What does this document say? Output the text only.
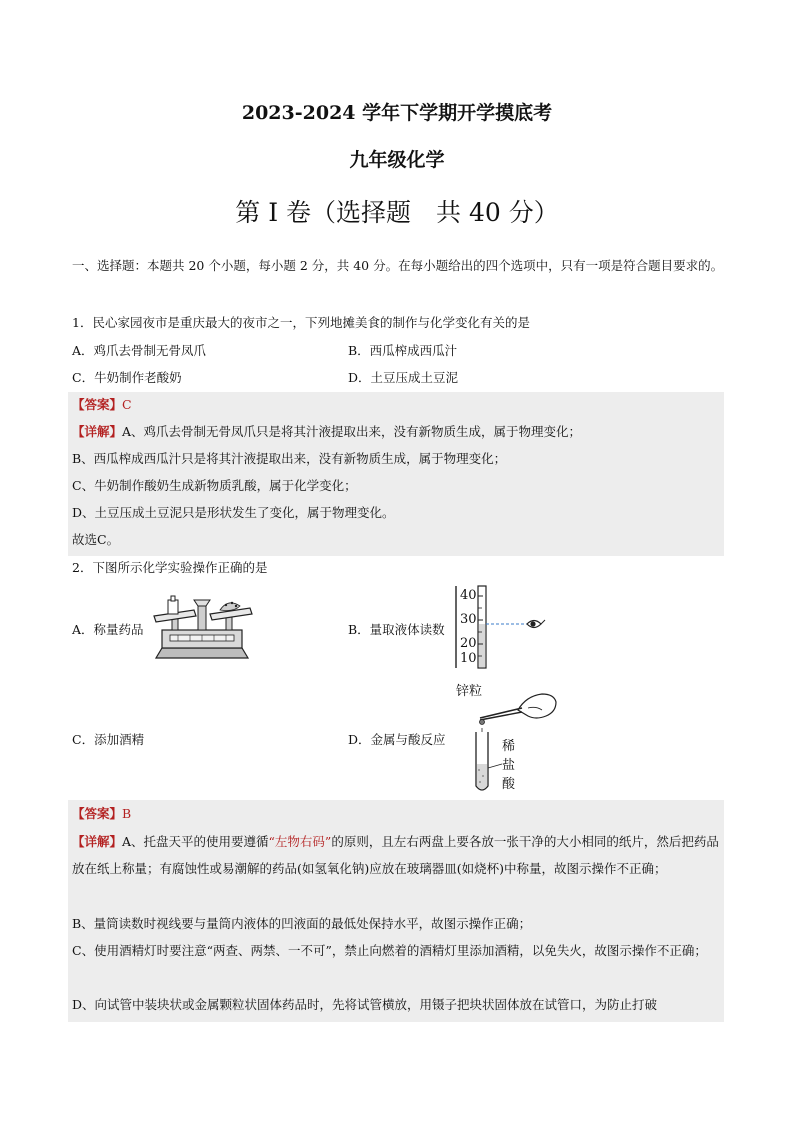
2023-2024 学年下学期开学摸底考
九年级化学
第 I 卷（选择题　共 40 分）
一、选择题：本题共 20 个小题，每小题 2 分，共 40 分。在每小题给出的四个选项中，只有一项是符合题目要求的。
1．民心家园夜市是重庆最大的夜市之一，下列地摊美食的制作与化学变化有关的是
A．鸡爪去骨制无骨凤爪	B．西瓜榨成西瓜汁
C．牛奶制作老酸奶	D．土豆压成土豆泥
【答案】C
【详解】A、鸡爪去骨制无骨凤爪只是将其汁液提取出来，没有新物质生成，属于物理变化；
B、西瓜榨成西瓜汁只是将其汁液提取出来，没有新物质生成，属于物理变化；
C、牛奶制作酸奶生成新物质乳酸，属于化学变化；
D、土豆压成土豆泥只是形状发生了变化，属于物理变化。
故选C。
2．下图所示化学实验操作正确的是
A．称量药品	B．量取液体读数
C．添加酒精	D．金属与酸反应
40
30
20
10
锌粒
稀
盐
酸
【答案】B
【详解】A、托盘天平的使用要遵循“左物右码”的原则，且左右两盘上要各放一张干净的大小相同的纸片，然后把药品放在纸上称量；有腐蚀性或易潮解的药品(如氢氧化钠)应放在玻璃器皿(如烧杯)中称量，故图示操作不正确；
B、量筒读数时视线要与量筒内液体的凹液面的最低处保持水平，故图示操作正确；
C、使用酒精灯时要注意“两查、两禁、一不可”，禁止向燃着的酒精灯里添加酒精，以免失火，故图示操作不正确；
D、向试管中装块状或金属颗粒状固体药品时，先将试管横放，用镊子把块状固体放在试管口，为防止打破
